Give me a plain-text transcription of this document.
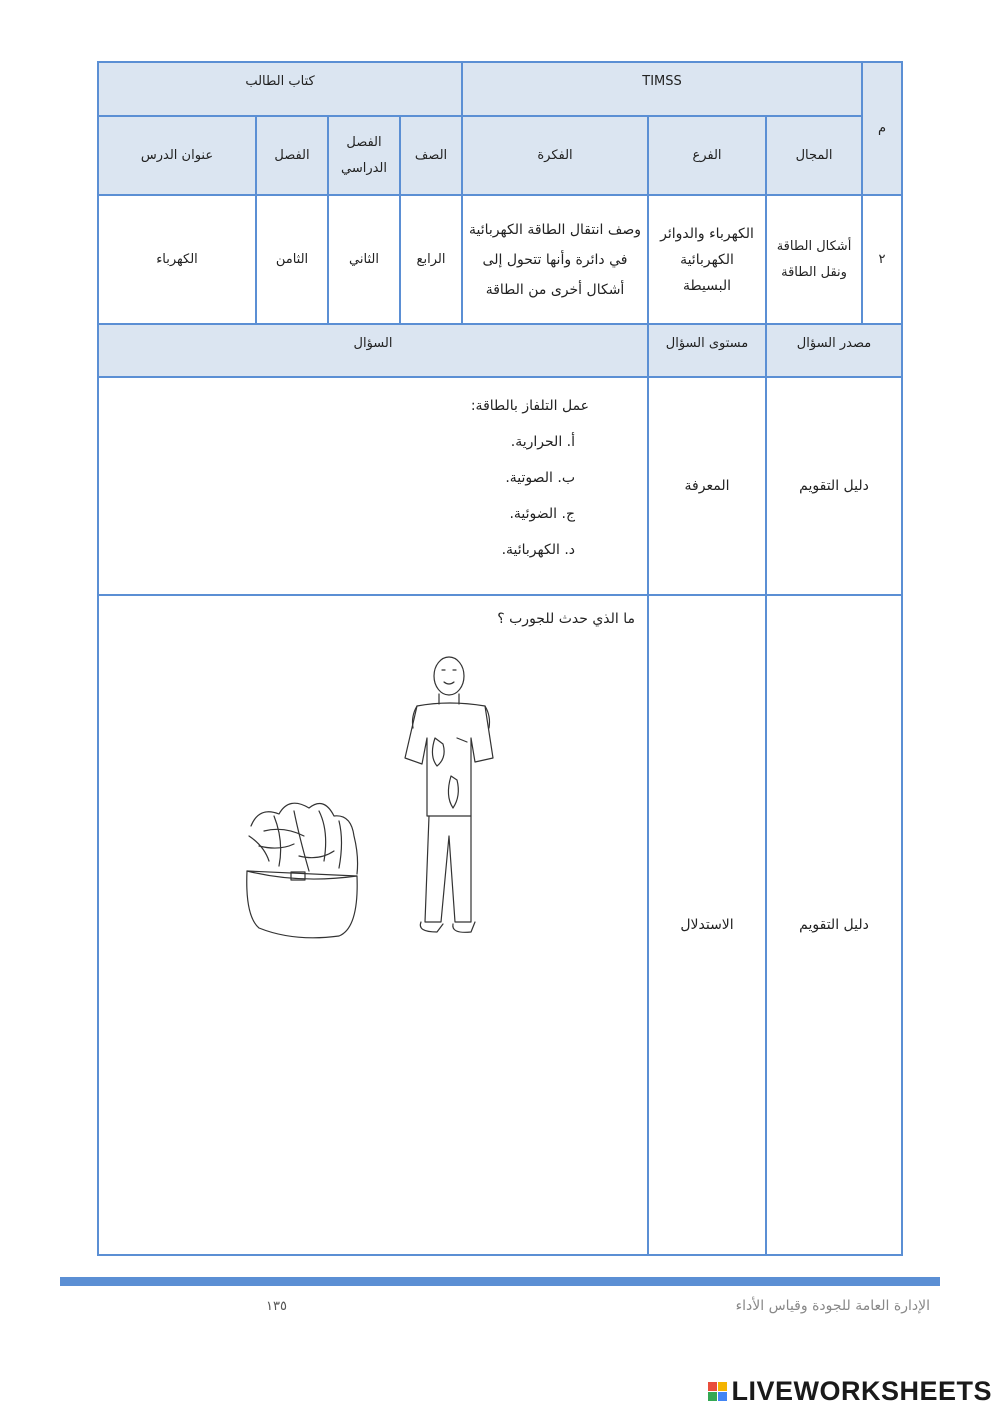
م	TIMSS			كتاب الطالب			
	المجال	الفرع	الفكرة	الصف	الفصل الدراسي	الفصل	عنوان الدرس
٢	أشكال الطاقة ونقل الطاقة	الكهرباء والدوائر الكهربائية البسيطة	وصف انتقال الطاقة الكهربائية في دائرة وأنها تتحول إلى أشكال أخرى من الطاقة	الرابع	الثاني	الثامن	الكهرباء
مصدر السؤال		مستوى السؤال	السؤال				
دليل التقويم		المعرفة	عمل التلفاز بالطاقة:
أ. الحرارية.
ب. الصوتية.
ج. الضوئية.
د. الكهربائية.				

دليل التقويم		الاستدلال	ما الذي حدث للجورب ؟				
١٣٥	الإدارة العامة للجودة وقياس الأداء
LIVEWORKSHEETS
